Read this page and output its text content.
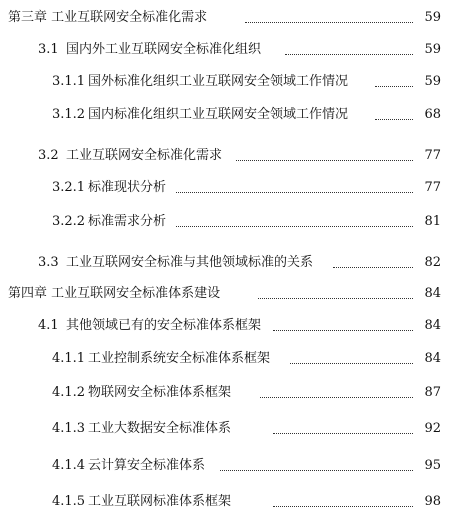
第三章 工业互联网安全标准化需求	59
3.1 国内外工业互联网安全标准化组织	59
3.1.1 国外标准化组织工业互联网安全领域工作情况	59
3.1.2 国内标准化组织工业互联网安全领域工作情况	68
3.2 工业互联网安全标准化需求	77
3.2.1 标准现状分析	77
3.2.2 标准需求分析	81
3.3 工业互联网安全标准与其他领域标准的关系	82
第四章 工业互联网安全标准体系建设	84
4.1 其他领域已有的安全标准体系框架	84
4.1.1 工业控制系统安全标准体系框架	84
4.1.2 物联网安全标准体系框架	87
4.1.3 工业大数据安全标准体系	92
4.1.4 云计算安全标准体系	95
4.1.5 工业互联网标准体系框架	98
